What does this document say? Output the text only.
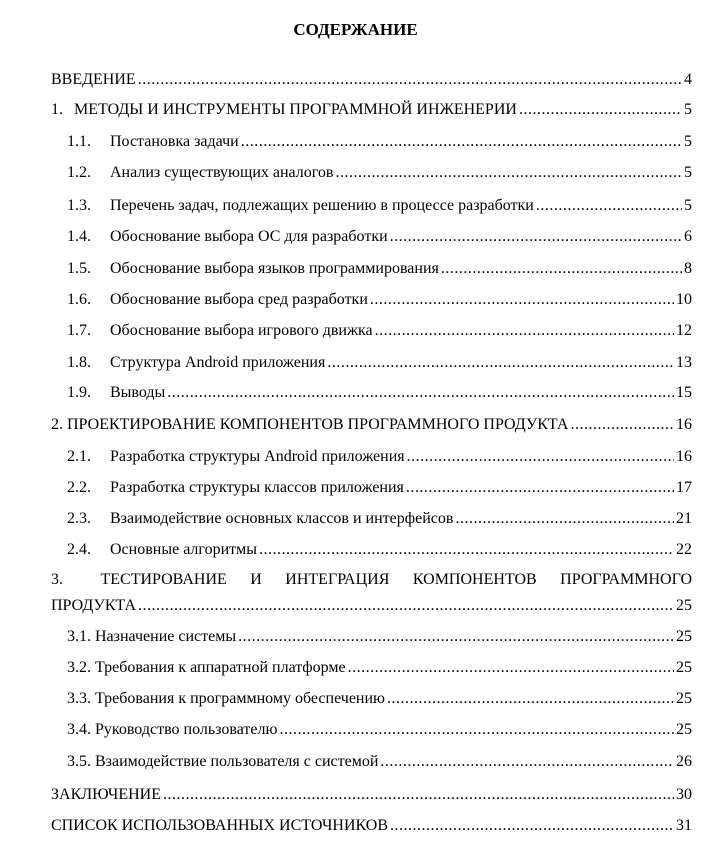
СОДЕРЖАНИЕ
ВВЕДЕНИЕ .....	4
1. МЕТОДЫ И ИНСТРУМЕНТЫ ПРОГРАММНОЙ ИНЖЕНЕРИИ .....	5
1.1.	Постановка задачи .....	5
1.2.	Анализ существующих аналогов .....	5
1.3.	Перечень задач, подлежащих решению в процессе разработки .....	5
1.4.	Обоснование выбора ОС для разработки .....	6
1.5.	Обоснование выбора языков программирования .....	8
1.6.	Обоснование выбора сред разработки .....	10
1.7.	Обоснование выбора игрового движка .....	12
1.8.	Структура Android приложения .....	13
1.9.	Выводы .....	15
2. ПРОЕКТИРОВАНИЕ КОМПОНЕНТОВ ПРОГРАММНОГО ПРОДУКТА .....	16
2.1.	Разработка структуры Android приложения .....	16
2.2.	Разработка структуры классов приложения .....	17
2.3.	Взаимодействие основных классов и интерфейсов .....	21
2.4.	Основные алгоритмы .....	22
3. ТЕСТИРОВАНИЕ И ИНТЕГРАЦИЯ КОМПОНЕНТОВ ПРОГРАММНОГО
ПРОДУКТА .....	25
3.1. Назначение системы .....	25
3.2. Требования к аппаратной платформе .....	25
3.3. Требования к программному обеспечению .....	25
3.4. Руководство пользователю .....	25
3.5. Взаимодействие пользователя с системой .....	26
ЗАКЛЮЧЕНИЕ .....	30
СПИСОК ИСПОЛЬЗОВАННЫХ ИСТОЧНИКОВ .....	31
